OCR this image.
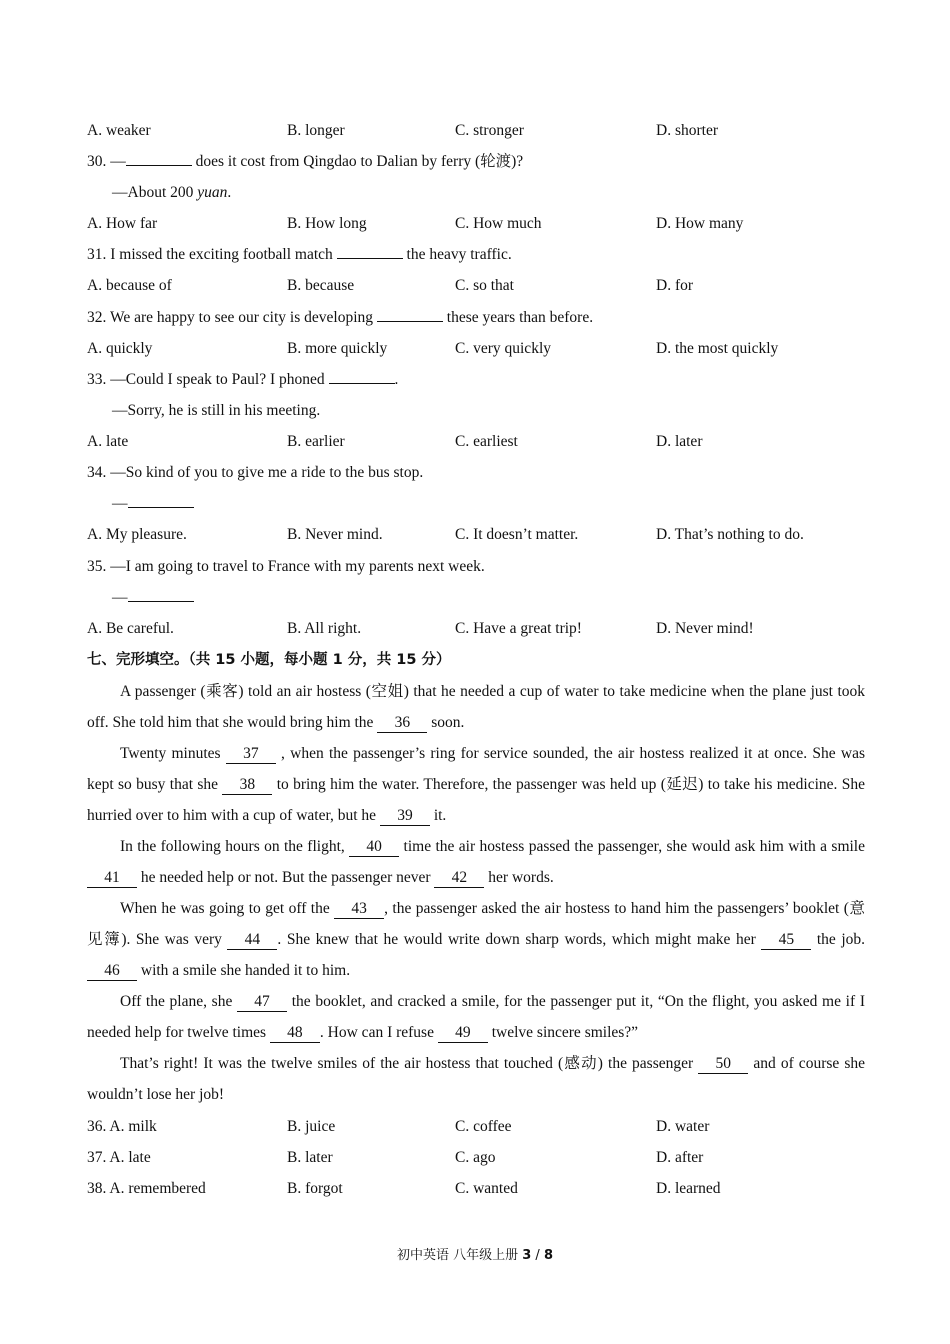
A. weaker	B. longer	C. stronger	D. shorter
30. —	does it cost from Qingdao to Dalian by ferry (轮渡)?
—About 200 yuan.
A. How far	B. How long	C. How much	D. How many
31. I missed the exciting football match	the heavy traffic.
A. because of	B. because	C. so that	D. for
32. We are happy to see our city is developing	these years than before.
A. quickly	B. more quickly	C. very quickly	D. the most quickly
33. —Could I speak to Paul? I phoned	.
—Sorry, he is still in his meeting.
A. late	B. earlier	C. earliest	D. later
34. —So kind of you to give me a ride to the bus stop.
—
A. My pleasure.	B. Never mind.	C. It doesn’t matter.	D. That’s nothing to do.
35. —I am going to travel to France with my parents next week.
—
A. Be careful.	B. All right.	C. Have a great trip!	D. Never mind!
七、完形填空。（共 15 小题，每小题 1 分，共 15 分）

A passenger (乘客) told an air hostess (空姐) that he needed a cup of water to take medicine when the plane just took off. She told him that she would bring him the 36 soon.

Twenty minutes 37 , when the passenger’s ring for service sounded, the air hostess realized it at once. She was kept so busy that she 38 to bring him the water. Therefore, the passenger was held up (延迟) to take his medicine. She hurried over to him with a cup of water, but he 39 it.

In the following hours on the flight, 40 time the air hostess passed the passenger, she would ask him with a smile 41 he needed help or not. But the passenger never 42 her words.

When he was going to get off the 43 , the passenger asked the air hostess to hand him the passengers’ booklet (意见簿). She was very 44 . She knew that he would write down sharp words, which might make her 45 the job. 46 with a smile she handed it to him.

Off the plane, she 47 the booklet, and cracked a smile, for the passenger put it, “On the flight, you asked me if I needed help for twelve times 48 . How can I refuse 49 twelve sincere smiles?”

That’s right! It was the twelve smiles of the air hostess that touched (感动) the passenger 50 and of course she wouldn’t lose her job!

36. A. milk	B. juice	C. coffee	D. water
37. A. late	B. later	C. ago	D. after
38. A. remembered	B. forgot	C. wanted	D. learned
初中英语 八年级上册 3 / 8
